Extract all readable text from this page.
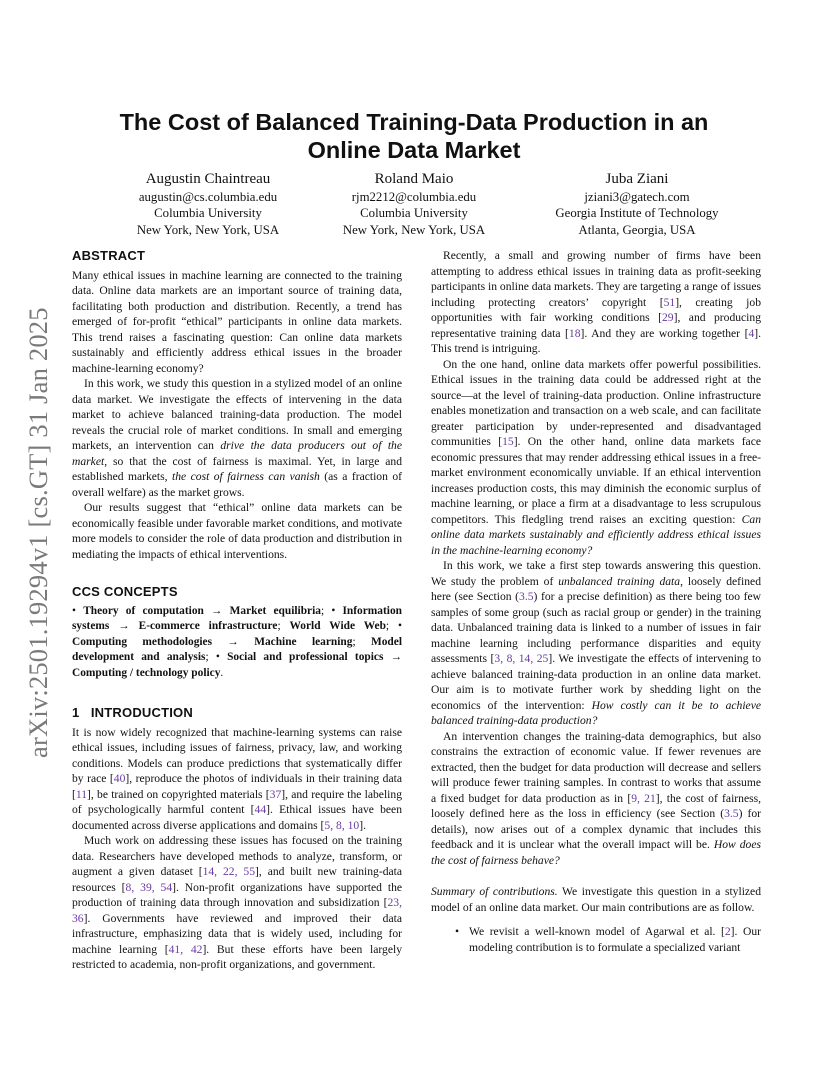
arXiv:2501.19294v1 [cs.GT] 31 Jan 2025
The Cost of Balanced Training-Data Production in an Online Data Market
Augustin Chaintreau
augustin@cs.columbia.edu
Columbia University
New York, New York, USA
Roland Maio
rjm2212@columbia.edu
Columbia University
New York, New York, USA
Juba Ziani
jziani3@gatech.com
Georgia Institute of Technology
Atlanta, Georgia, USA
ABSTRACT

Many ethical issues in machine learning are connected to the training data. Online data markets are an important source of training data, facilitating both production and distribution. Recently, a trend has emerged of for-profit “ethical” participants in online data markets. This trend raises a fascinating question: Can online data markets sustainably and efficiently address ethical issues in the broader machine-learning economy?

In this work, we study this question in a stylized model of an online data market. We investigate the effects of intervening in the data market to achieve balanced training-data production. The model reveals the crucial role of market conditions. In small and emerging markets, an intervention can drive the data producers out of the market, so that the cost of fairness is maximal. Yet, in large and established markets, the cost of fairness can vanish (as a fraction of overall welfare) as the market grows.

Our results suggest that “ethical” online data markets can be economically feasible under favorable market conditions, and motivate more models to consider the role of data production and distribution in mediating the impacts of ethical interventions.

CCS CONCEPTS

• Theory of computation → Market equilibria; • Information systems → E-commerce infrastructure; World Wide Web; • Computing methodologies → Machine learning; Model development and analysis; • Social and professional topics → Computing / technology policy.

1 INTRODUCTION

It is now widely recognized that machine-learning systems can raise ethical issues, including issues of fairness, privacy, law, and working conditions. Models can produce predictions that systematically differ by race [40], reproduce the photos of individuals in their training data [11], be trained on copyrighted materials [37], and require the labeling of psychologically harmful content [44]. Ethical issues have been documented across diverse applications and domains [5, 8, 10].

Much work on addressing these issues has focused on the training data. Researchers have developed methods to analyze, transform, or augment a given dataset [14, 22, 55], and built new training-data resources [8, 39, 54]. Non-profit organizations have supported the production of training data through innovation and subsidization [23, 36]. Governments have reviewed and improved their data infrastructure, emphasizing data that is widely used, including for machine learning [41, 42]. But these efforts have been largely restricted to academia, non-profit organizations, and government.

Recently, a small and growing number of firms have been attempting to address ethical issues in training data as profit-seeking participants in online data markets. They are targeting a range of issues including protecting creators’ copyright [51], creating job opportunities with fair working conditions [29], and producing representative training data [18]. And they are working together [4]. This trend is intriguing.

On the one hand, online data markets offer powerful possibilities. Ethical issues in the training data could be addressed right at the source—at the level of training-data production. Online infrastructure enables monetization and transaction on a web scale, and can facilitate greater participation by under-represented and disadvantaged communities [15]. On the other hand, online data markets face economic pressures that may render addressing ethical issues in a free-market environment economically unviable. If an ethical intervention increases production costs, this may diminish the economic surplus of machine learning, or place a firm at a disadvantage to less scrupulous competitors. This fledgling trend raises an exciting question: Can online data markets sustainably and efficiently address ethical issues in the machine-learning economy?

In this work, we take a first step towards answering this question. We study the problem of unbalanced training data, loosely defined here (see Section (3.5) for a precise definition) as there being too few samples of some group (such as racial group or gender) in the training data. Unbalanced training data is linked to a number of issues in fair machine learning including performance disparities and equity assessments [3, 8, 14, 25]. We investigate the effects of intervening to achieve balanced training-data production in an online data market. Our aim is to motivate further work by shedding light on the economics of the intervention: How costly can it be to achieve balanced training-data production?

An intervention changes the training-data demographics, but also constrains the extraction of economic value. If fewer revenues are extracted, then the budget for data production will decrease and sellers will produce fewer training samples. In contrast to works that assume a fixed budget for data production as in [9, 21], the cost of fairness, loosely defined here as the loss in efficiency (see Section (3.5) for details), now arises out of a complex dynamic that includes this feedback and it is unclear what the overall impact will be. How does the cost of fairness behave?

Summary of contributions. We investigate this question in a stylized model of an online data market. Our main contributions are as follow.

• We revisit a well-known model of Agarwal et al. [2]. Our modeling contribution is to formulate a specialized variant
